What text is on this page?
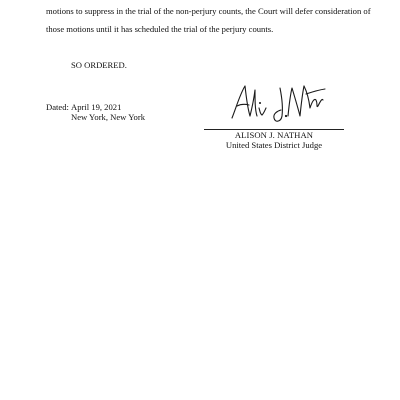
motions to suppress in the trial of the non-perjury counts, the Court will defer consideration of
those motions until it has scheduled the trial of the perjury counts.
SO ORDERED.
Dated: April 19, 2021
New York, New York
ALISON J. NATHAN
United States District Judge
